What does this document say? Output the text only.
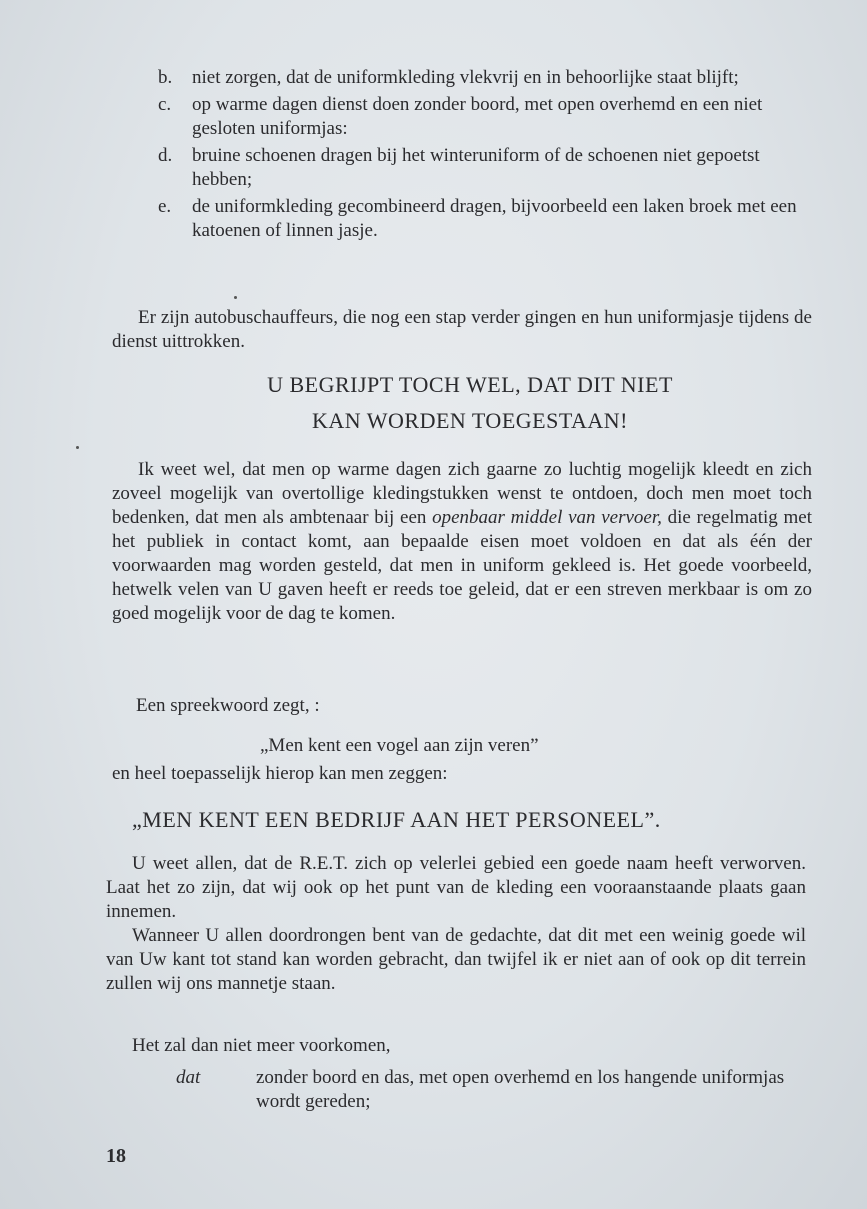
b. niet zorgen, dat de uniformkleding vlekvrij en in behoorlijke staat blijft;
c. op warme dagen dienst doen zonder boord, met open overhemd en een niet gesloten uniformjas:
d. bruine schoenen dragen bij het winteruniform of de schoenen niet gepoetst hebben;
e. de uniformkleding gecombineerd dragen, bijvoorbeeld een laken broek met een katoenen of linnen jasje.
Er zijn autobuschauffeurs, die nog een stap verder gingen en hun uniformjasje tijdens de dienst uittrokken.
U BEGRIJPT TOCH WEL, DAT DIT NIET
KAN WORDEN TOEGESTAAN!
Ik weet wel, dat men op warme dagen zich gaarne zo luchtig mogelijk kleedt en zich zoveel mogelijk van overtollige kledingstukken wenst te ontdoen, doch men moet toch bedenken, dat men als ambtenaar bij een openbaar middel van vervoer, die regelmatig met het publiek in contact komt, aan bepaalde eisen moet voldoen en dat als één der voorwaarden mag worden gesteld, dat men in uniform gekleed is. Het goede voorbeeld, hetwelk velen van U gaven heeft er reeds toe geleid, dat er een streven merkbaar is om zo goed mogelijk voor de dag te komen.
Een spreekwoord zegt, :
„Men kent een vogel aan zijn veren”
en heel toepasselijk hierop kan men zeggen:
„MEN KENT EEN BEDRIJF AAN HET PERSONEEL”.
U weet allen, dat de R.E.T. zich op velerlei gebied een goede naam heeft verworven. Laat het zo zijn, dat wij ook op het punt van de kleding een vooraanstaande plaats gaan innemen.
Wanneer U allen doordrongen bent van de gedachte, dat dit met een weinig goede wil van Uw kant tot stand kan worden gebracht, dan twijfel ik er niet aan of ook op dit terrein zullen wij ons mannetje staan.
Het zal dan niet meer voorkomen,
dat	zonder boord en das, met open overhemd en los hangende uniformjas wordt gereden;
18
